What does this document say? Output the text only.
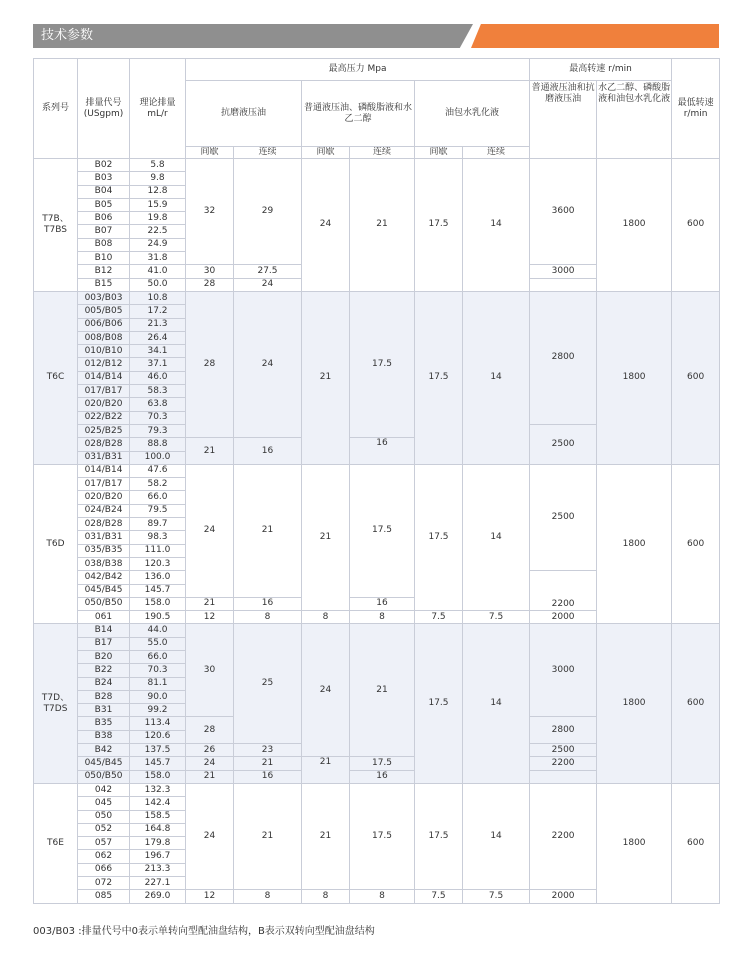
技术参数
系列号	排量代号
(USgpm)	理论排量
mL/r	最高压力 Mpa						最高转速 r/min		最低转速 r/min
			抗磨液压油		普通液压油、磷酸脂液和水乙二醇		油包水乳化液		普通液压油和抗磨液压油	水乙二醇、磷酸脂液和油包水乳化液	
			间歇	连续	间歇	连续	间歇	连续			
T7B、T7BS	B02	5.8	32	29	24	21	17.5	14	3600	1800	600
	B03	9.8									
	B04	12.8									
	B05	15.9									
	B06	19.8									
	B07	22.5									
	B08	24.9									
	B10	31.8									
	B12	41.0	30	27.5					3000		
	B15	50.0	28	24							
T6C	003/B03	10.8	28	24	21	17.5	17.5	14	2800	1800	600
	005/B05	17.2									
	006/B06	21.3									
	008/B08	26.4									
	010/B10	34.1									
	012/B12	37.1									
	014/B14	46.0									
	017/B17	58.3									
	020/B20	63.8									
	022/B22	70.3									
	025/B25	79.3							2500		
	028/B28	88.8	21	16		16					
	031/B31	100.0									
T6D	014/B14	47.6	24	21	21	17.5	17.5	14	2500	1800	600
	017/B17	58.2									
	020/B20	66.0									
	024/B24	79.5									
	028/B28	89.7									
	031/B31	98.3									
	035/B35	111.0									
	038/B38	120.3									
	042/B42	136.0							2200		
	045/B45	145.7									
	050/B50	158.0	21	16		16					
	061	190.5	12	8	8	8	7.5	7.5	2000		
T7D、T7DS	B14	44.0	30	25	24	21	17.5	14	3000	1800	600
	B17	55.0									
	B20	66.0									
	B22	70.3									
	B24	81.1									
	B28	90.0									
	B31	99.2									
	B35	113.4	28						2800		
	B38	120.6									
	B42	137.5	26	23					2500		
	045/B45	145.7	24	21	21	17.5			2200		
	050/B50	158.0	21	16		16					
T6E	042	132.3	24	21	21	17.5	17.5	14	2200	1800	600
	045	142.4									
	050	158.5									
	052	164.8									
	057	179.8									
	062	196.7									
	066	213.3									
	072	227.1									
	085	269.0	12	8	8	8	7.5	7.5	2000		
003/B03 :排量代号中0表示单转向型配油盘结构，B表示双转向型配油盘结构
